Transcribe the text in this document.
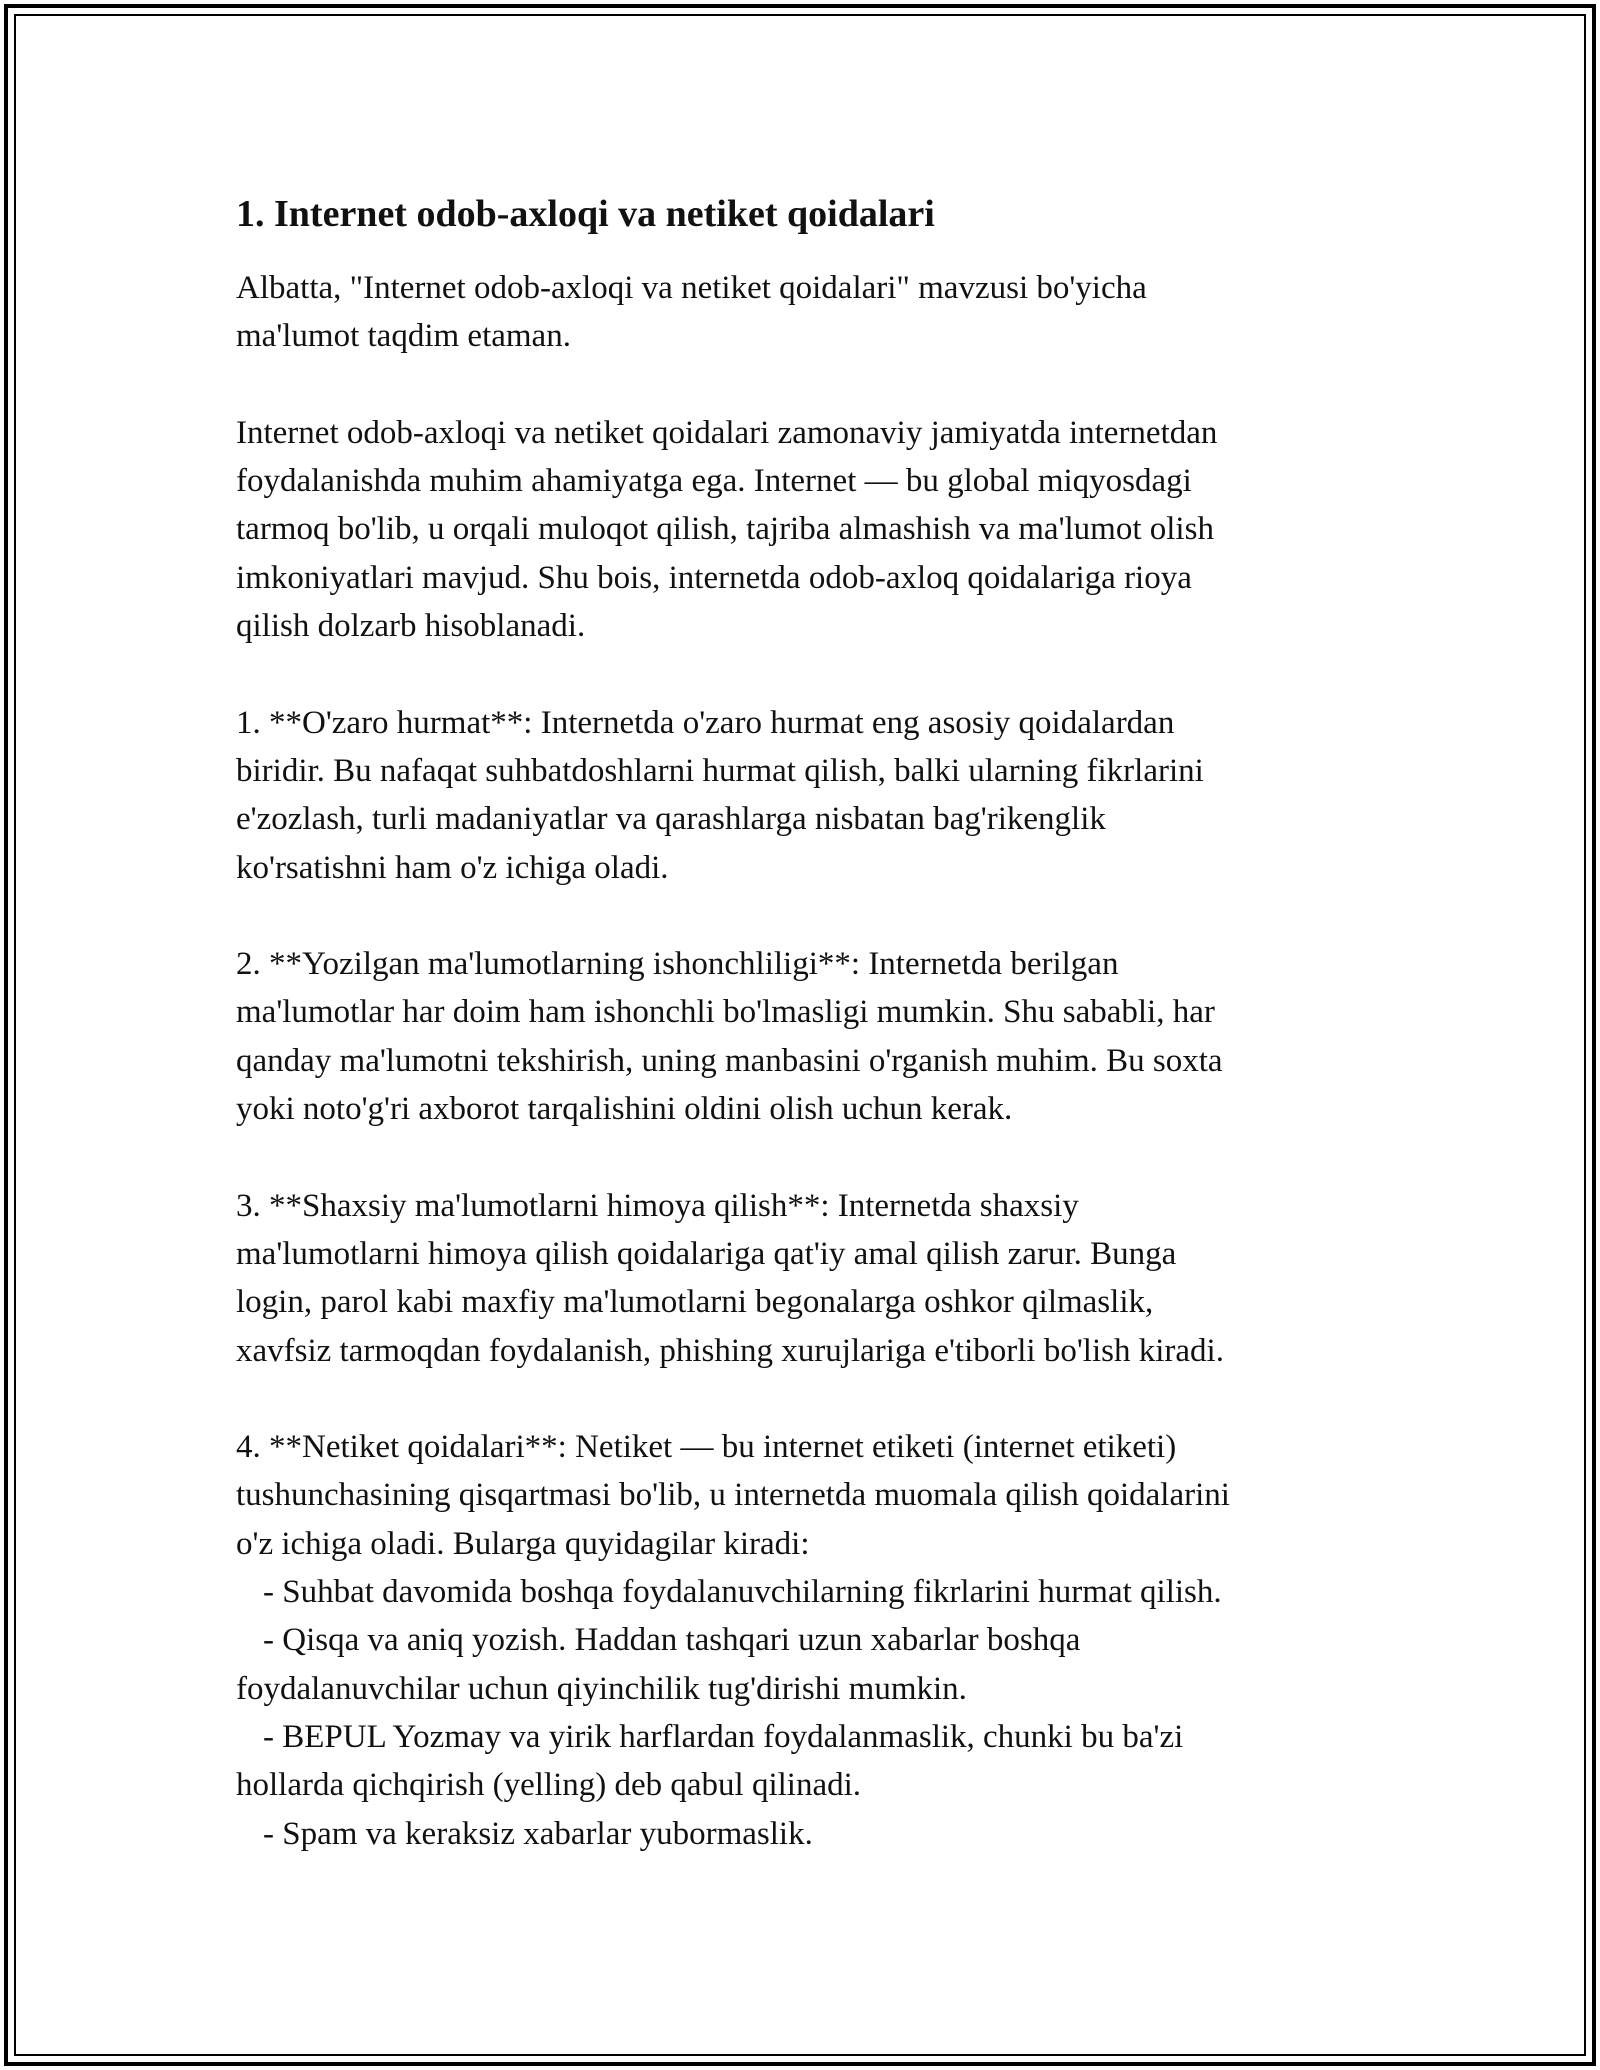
1. Internet odob-axloqi va netiket qoidalari

Albatta, "Internet odob-axloqi va netiket qoidalari" mavzusi bo'yicha

ma'lumot taqdim etaman.

Internet odob-axloqi va netiket qoidalari zamonaviy jamiyatda internetdan

foydalanishda muhim ahamiyatga ega. Internet — bu global miqyosdagi

tarmoq bo'lib, u orqali muloqot qilish, tajriba almashish va ma'lumot olish

imkoniyatlari mavjud. Shu bois, internetda odob-axloq qoidalariga rioya

qilish dolzarb hisoblanadi.

1. **O'zaro hurmat**: Internetda o'zaro hurmat eng asosiy qoidalardan

biridir. Bu nafaqat suhbatdoshlarni hurmat qilish, balki ularning fikrlarini

e'zozlash, turli madaniyatlar va qarashlarga nisbatan bag'rikenglik

ko'rsatishni ham o'z ichiga oladi.

2. **Yozilgan ma'lumotlarning ishonchliligi**: Internetda berilgan

ma'lumotlar har doim ham ishonchli bo'lmasligi mumkin. Shu sababli, har

qanday ma'lumotni tekshirish, uning manbasini o'rganish muhim. Bu soxta

yoki noto'g'ri axborot tarqalishini oldini olish uchun kerak.

3. **Shaxsiy ma'lumotlarni himoya qilish**: Internetda shaxsiy

ma'lumotlarni himoya qilish qoidalariga qat'iy amal qilish zarur. Bunga

login, parol kabi maxfiy ma'lumotlarni begonalarga oshkor qilmaslik,

xavfsiz tarmoqdan foydalanish, phishing xurujlariga e'tiborli bo'lish kiradi.

4. **Netiket qoidalari**: Netiket — bu internet etiketi (internet etiketi)

tushunchasining qisqartmasi bo'lib, u internetda muomala qilish qoidalarini

o'z ichiga oladi. Bularga quyidagilar kiradi:

- Suhbat davomida boshqa foydalanuvchilarning fikrlarini hurmat qilish.

- Qisqa va aniq yozish. Haddan tashqari uzun xabarlar boshqa

foydalanuvchilar uchun qiyinchilik tug'dirishi mumkin.

- BEPUL Yozmay va yirik harflardan foydalanmaslik, chunki bu ba'zi

hollarda qichqirish (yelling) deb qabul qilinadi.

- Spam va keraksiz xabarlar yubormaslik.
